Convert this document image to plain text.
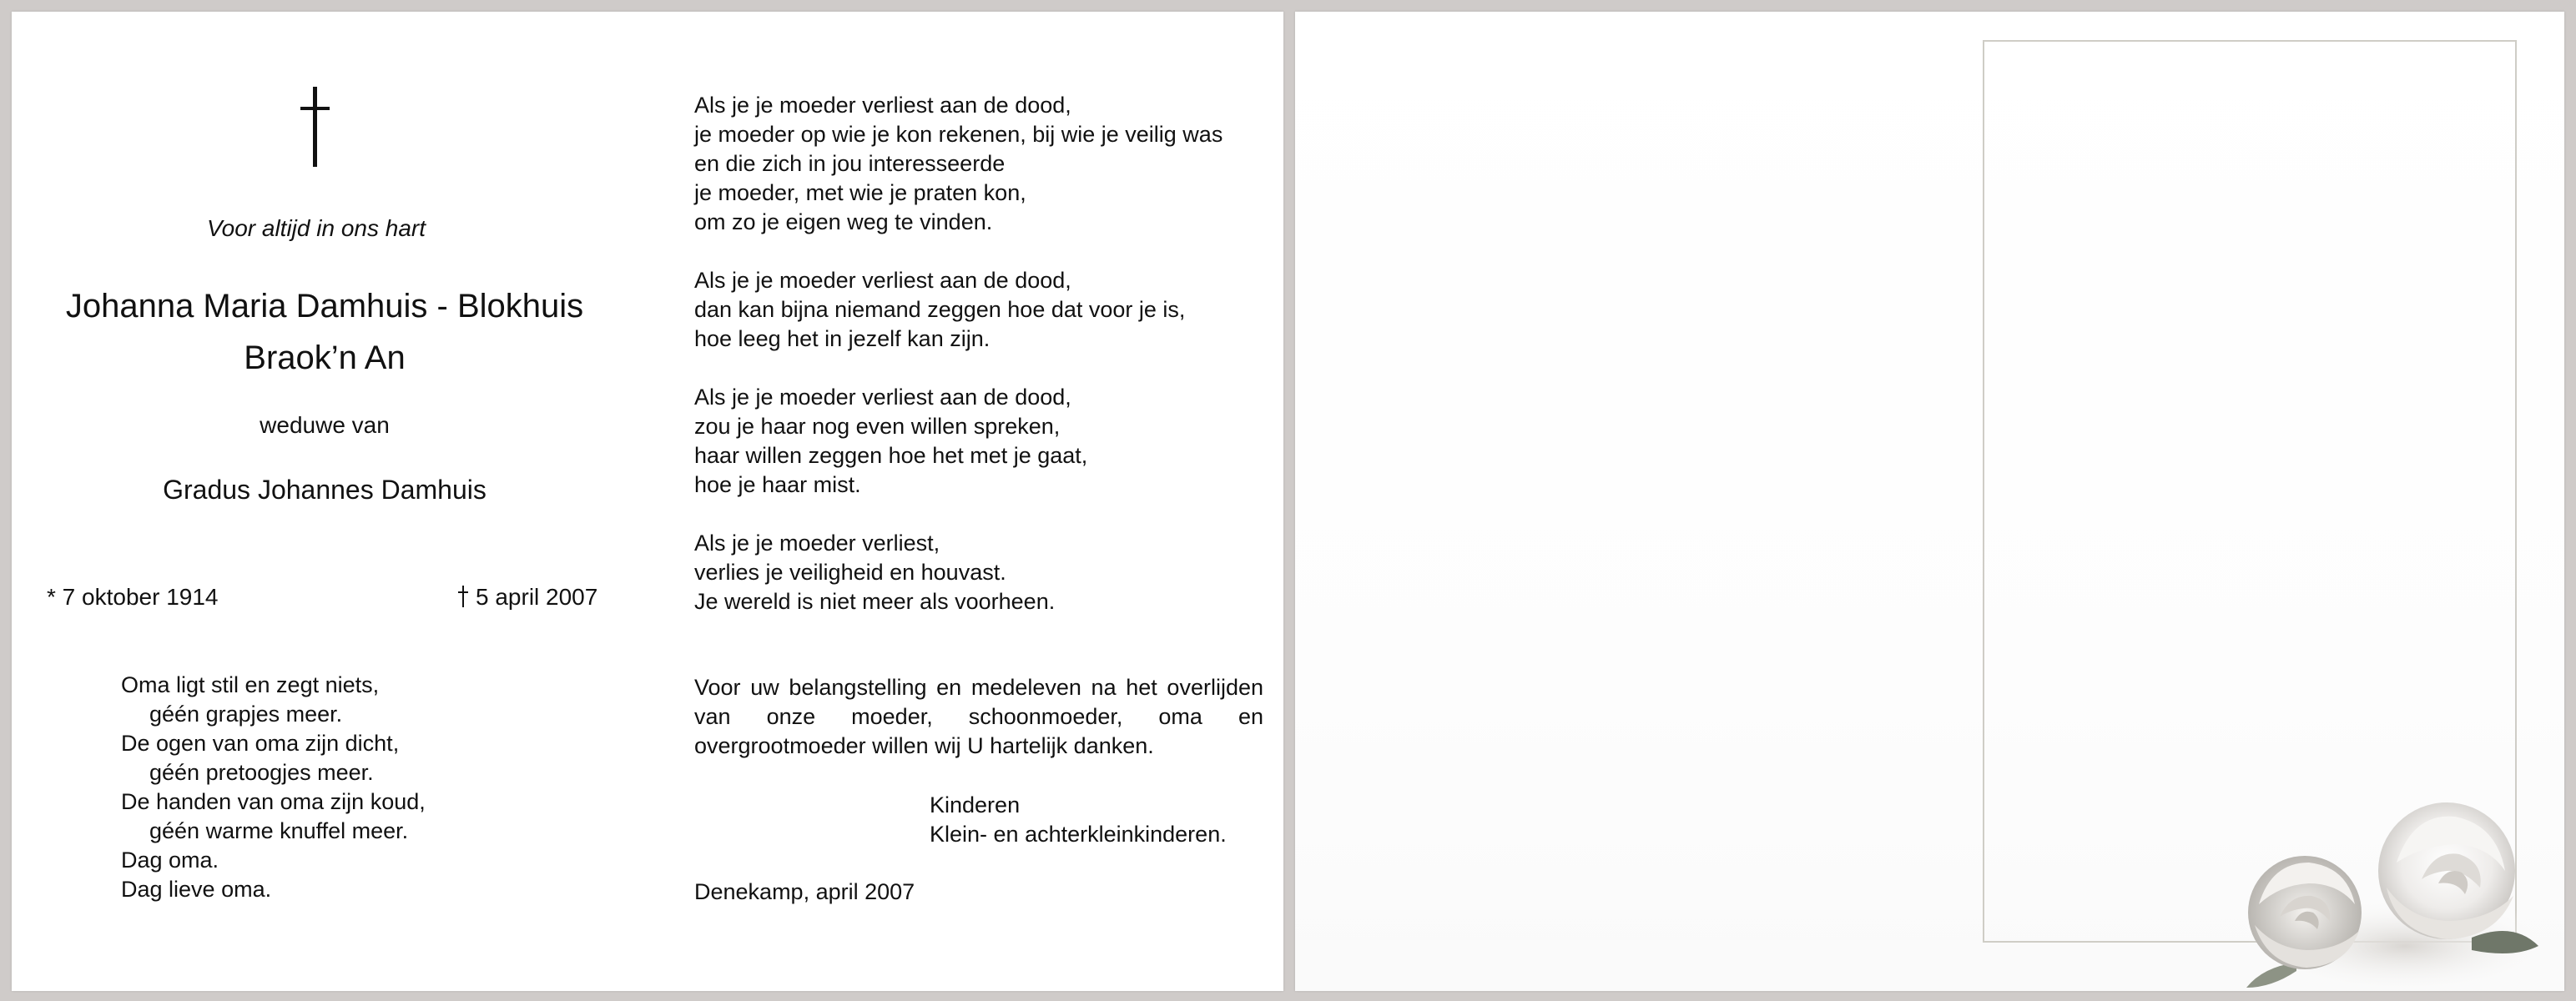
Voor altijd in ons hart
Johanna Maria Damhuis - Blokhuis
Braok’n An
weduwe van
Gradus Johannes Damhuis
* 7 oktober 1914	5 april 2007
Oma ligt stil en zegt niets,
géén grapjes meer.
De ogen van oma zijn dicht,
géén pretoogjes meer.
De handen van oma zijn koud,
géén warme knuffel meer.
Dag oma.
Dag lieve oma.
Als je je moeder verliest aan de dood,
je moeder op wie je kon rekenen, bij wie je veilig was
en die zich in jou interesseerde
je moeder, met wie je praten kon,
om zo je eigen weg te vinden.
Als je je moeder verliest aan de dood,
dan kan bijna niemand zeggen hoe dat voor je is,
hoe leeg het in jezelf kan zijn.
Als je je moeder verliest aan de dood,
zou je haar nog even willen spreken,
haar willen zeggen hoe het met je gaat,
hoe je haar mist.
Als je je moeder verliest,
verlies je veiligheid en houvast.
Je wereld is niet meer als voorheen.
Voor uw belangstelling en medeleven na het overlijden van onze moeder, schoonmoeder, oma en overgrootmoeder willen wij U hartelijk danken.
Kinderen
Klein- en achterkleinkinderen.
Denekamp, april 2007
